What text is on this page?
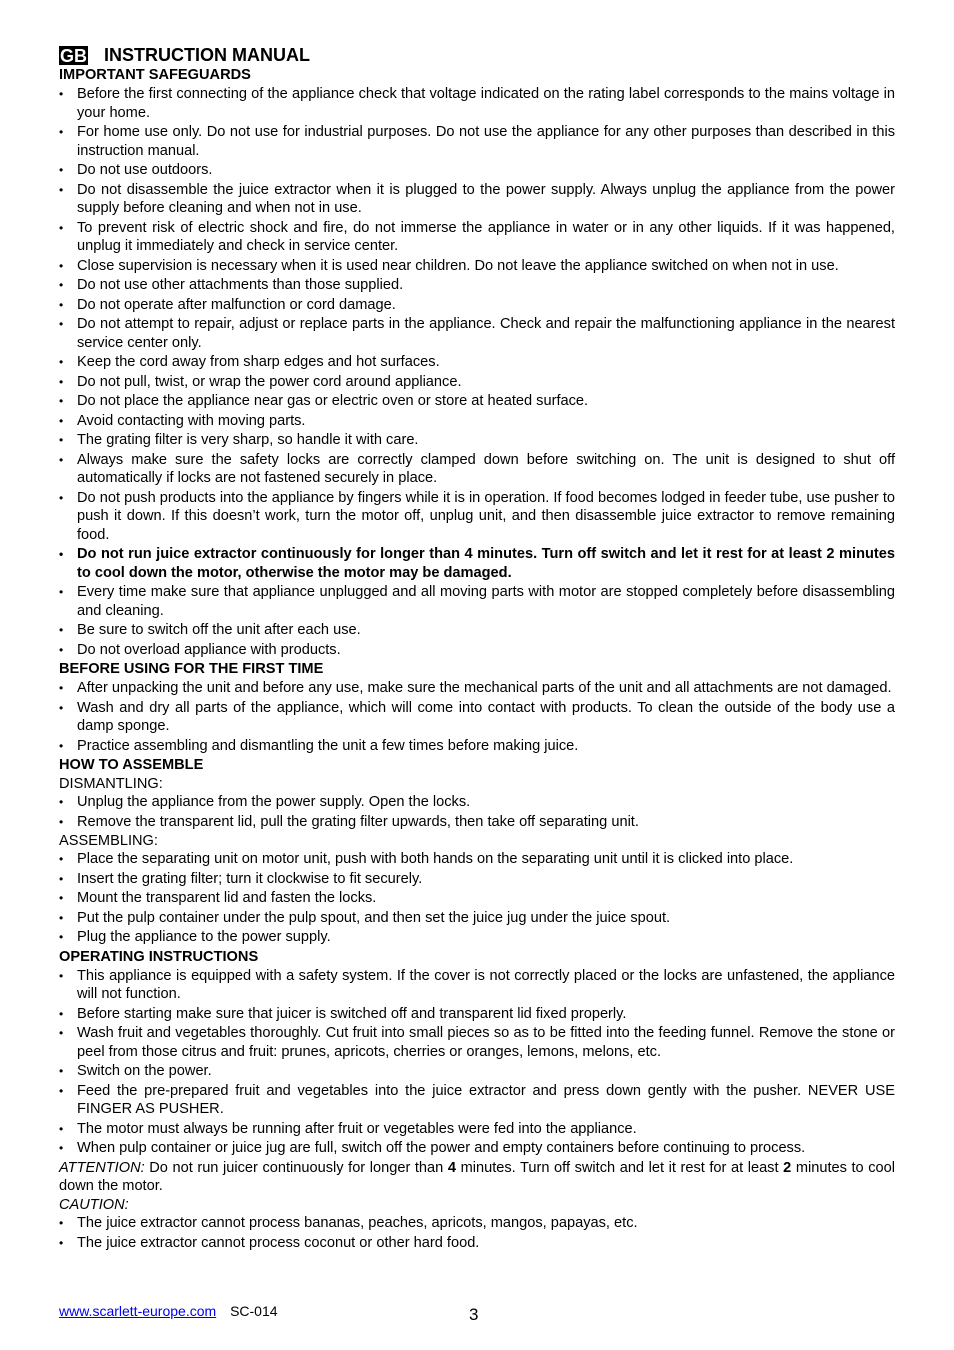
GB INSTRUCTION MANUAL
IMPORTANT SAFEGUARDS
• Before the first connecting of the appliance check that voltage indicated on the rating label corresponds to the mains voltage in your home.
• For home use only. Do not use for industrial purposes. Do not use the appliance for any other purposes than described in this instruction manual.
• Do not use outdoors.
• Do not disassemble the juice extractor when it is plugged to the power supply. Always unplug the appliance from the power supply before cleaning and when not in use.
• To prevent risk of electric shock and fire, do not immerse the appliance in water or in any other liquids. If it was happened, unplug it immediately and check in service center.
• Close supervision is necessary when it is used near children. Do not leave the appliance switched on when not in use.
• Do not use other attachments than those supplied.
• Do not operate after malfunction or cord damage.
• Do not attempt to repair, adjust or replace parts in the appliance. Check and repair the malfunctioning appliance in the nearest service center only.
• Keep the cord away from sharp edges and hot surfaces.
• Do not pull, twist, or wrap the power cord around appliance.
• Do not place the appliance near gas or electric oven or store at heated surface.
• Avoid contacting with moving parts.
• The grating filter is very sharp, so handle it with care.
• Always make sure the safety locks are correctly clamped down before switching on. The unit is designed to shut off automatically if locks are not fastened securely in place.
• Do not push products into the appliance by fingers while it is in operation. If food becomes lodged in feeder tube, use pusher to push it down. If this doesn’t work, turn the motor off, unplug unit, and then disassemble juice extractor to remove remaining food.
• Do not run juice extractor continuously for longer than 4 minutes. Turn off switch and let it rest for at least 2 minutes to cool down the motor, otherwise the motor may be damaged.
• Every time make sure that appliance unplugged and all moving parts with motor are stopped completely before disassembling and cleaning.
• Be sure to switch off the unit after each use.
• Do not overload appliance with products.
BEFORE USING FOR THE FIRST TIME
• After unpacking the unit and before any use, make sure the mechanical parts of the unit and all attachments are not damaged.
• Wash and dry all parts of the appliance, which will come into contact with products. To clean the outside of the body use a damp sponge.
• Practice assembling and dismantling the unit a few times before making juice.
HOW TO ASSEMBLE
DISMANTLING:
• Unplug the appliance from the power supply. Open the locks.
• Remove the transparent lid, pull the grating filter upwards, then take off separating unit.
ASSEMBLING:
• Place the separating unit on motor unit, push with both hands on the separating unit until it is clicked into place.
• Insert the grating filter; turn it clockwise to fit securely.
• Mount the transparent lid and fasten the locks.
• Put the pulp container under the pulp spout, and then set the juice jug under the juice spout.
• Plug the appliance to the power supply.
OPERATING INSTRUCTIONS
• This appliance is equipped with a safety system. If the cover is not correctly placed or the locks are unfastened, the appliance will not function.
• Before starting make sure that juicer is switched off and transparent lid fixed properly.
• Wash fruit and vegetables thoroughly. Cut fruit into small pieces so as to be fitted into the feeding funnel. Remove the stone or peel from those citrus and fruit: prunes, apricots, cherries or oranges, lemons, melons, etc.
• Switch on the power.
• Feed the pre-prepared fruit and vegetables into the juice extractor and press down gently with the pusher. NEVER USE FINGER AS PUSHER.
• The motor must always be running after fruit or vegetables were fed into the appliance.
• When pulp container or juice jug are full, switch off the power and empty containers before continuing to process.
ATTENTION: Do not run juicer continuously for longer than 4 minutes. Turn off switch and let it rest for at least 2 minutes to cool down the motor.
CAUTION:
• The juice extractor cannot process bananas, peaches, apricots, mangos, papayas, etc.
• The juice extractor cannot process coconut or other hard food.
www.scarlett-europe.com SC-014	3
